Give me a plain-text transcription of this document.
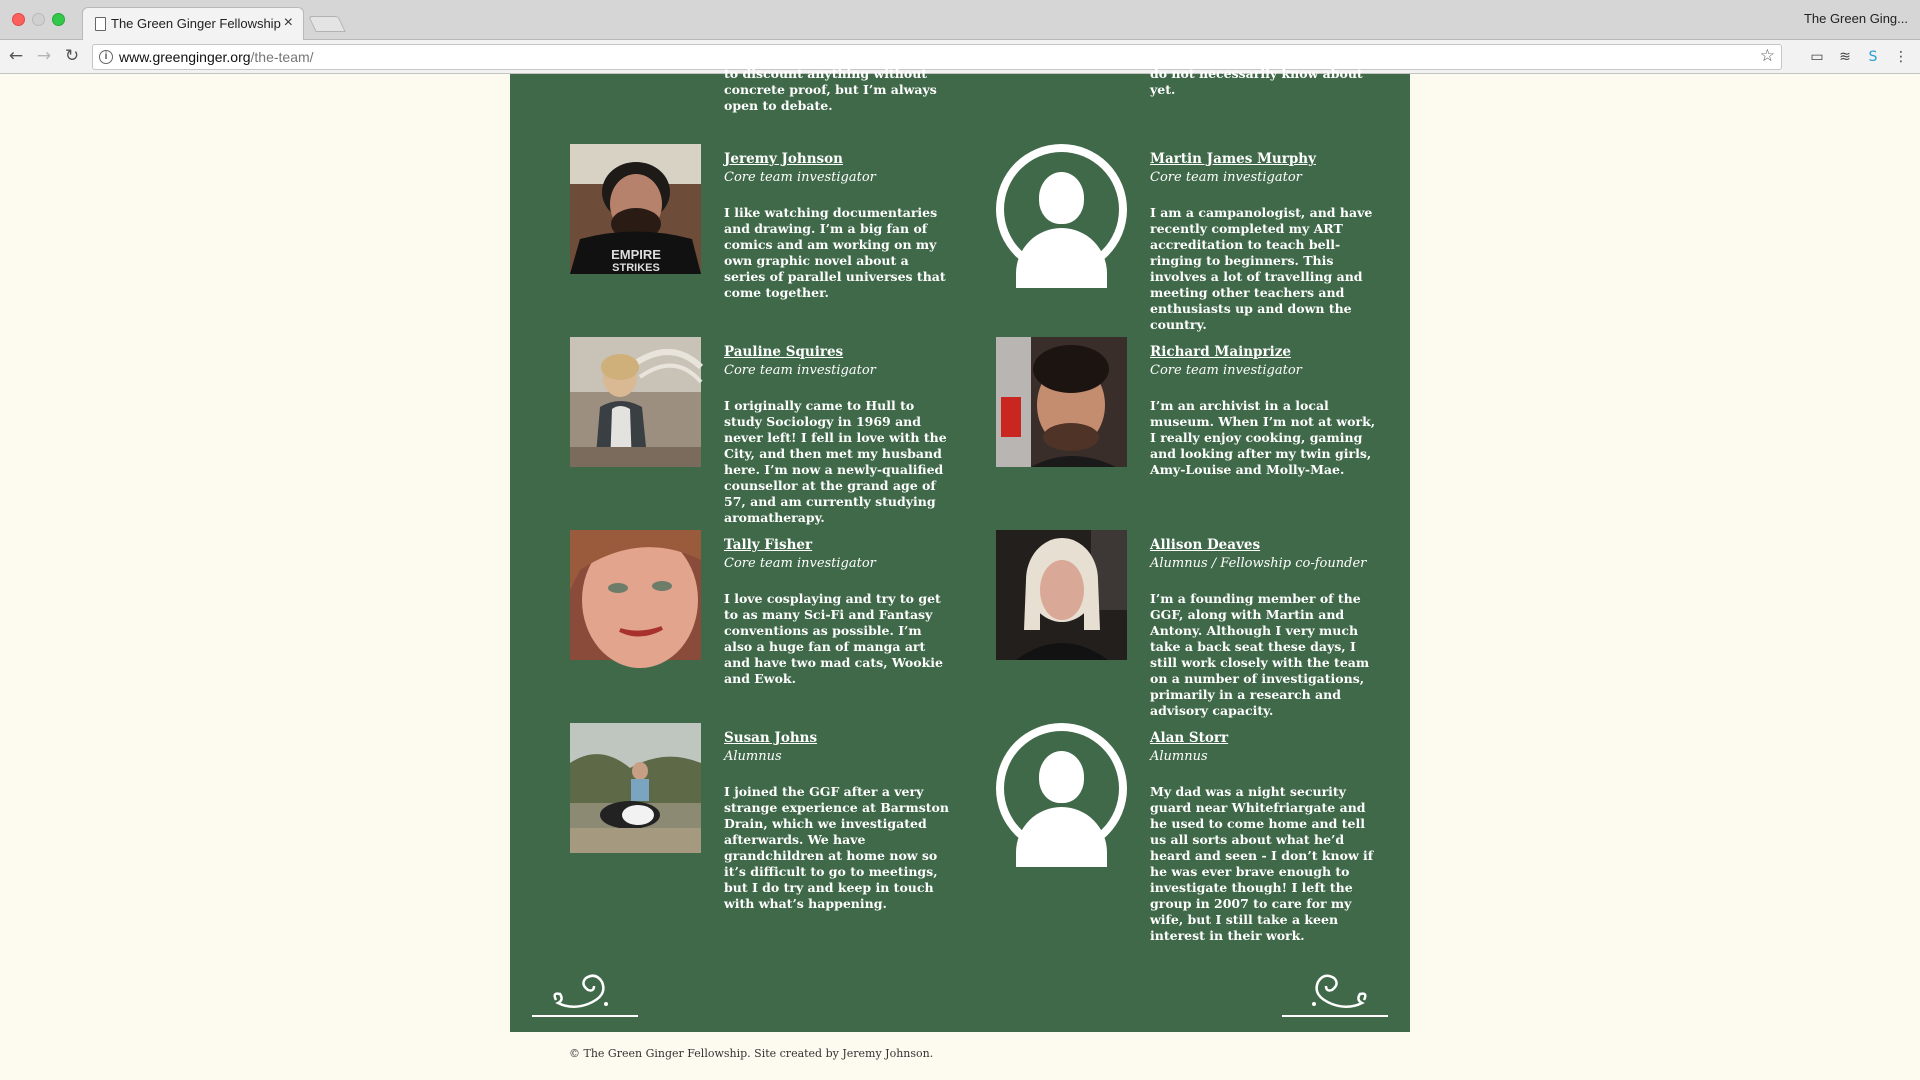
The Green Ginger Fellowship ×	The Green Ging...
← → ↻	i www.greenginger.org/the-team/	☆	▭ ≋	S	⋮
to discount anything without concrete proof, but I’m always open to debate.
do not necessarily know about yet.
EMPIRE
STRIKES
Jeremy Johnson
Core team investigator
I like watching documentaries and drawing. I’m a big fan of comics and am working on my own graphic novel about a series of parallel universes that come together.
Martin James Murphy
Core team investigator
I am a campanologist, and have recently completed my ART accreditation to teach bell-ringing to beginners. This involves a lot of travelling and meeting other teachers and enthusiasts up and down the country.
Pauline Squires
Core team investigator
I originally came to Hull to study Sociology in 1969 and never left! I fell in love with the City, and then met my husband here. I’m now a newly-qualified counsellor at the grand age of 57, and am currently studying aromatherapy.
Richard Mainprize
Core team investigator
I’m an archivist in a local museum. When I’m not at work, I really enjoy cooking, gaming and looking after my twin girls, Amy-Louise and Molly-Mae.
Tally Fisher
Core team investigator
I love cosplaying and try to get to as many Sci-Fi and Fantasy conventions as possible. I’m also a huge fan of manga art and have two mad cats, Wookie and Ewok.
Allison Deaves
Alumnus / Fellowship co-founder
I’m a founding member of the GGF, along with Martin and Antony. Although I very much take a back seat these days, I still work closely with the team on a number of investigations, primarily in a research and advisory capacity.
Susan Johns
Alumnus
I joined the GGF after a very strange experience at Barmston Drain, which we investigated afterwards. We have grandchildren at home now so it’s difficult to go to meetings, but I do try and keep in touch with what’s happening.
Alan Storr
Alumnus
My dad was a night security guard near Whitefriargate and he used to come home and tell us all sorts about what he’d heard and seen - I don’t know if he was ever brave enough to investigate though! I left the group in 2007 to care for my wife, but I still take a keen interest in their work.
© The Green Ginger Fellowship. Site created by Jeremy Johnson.
